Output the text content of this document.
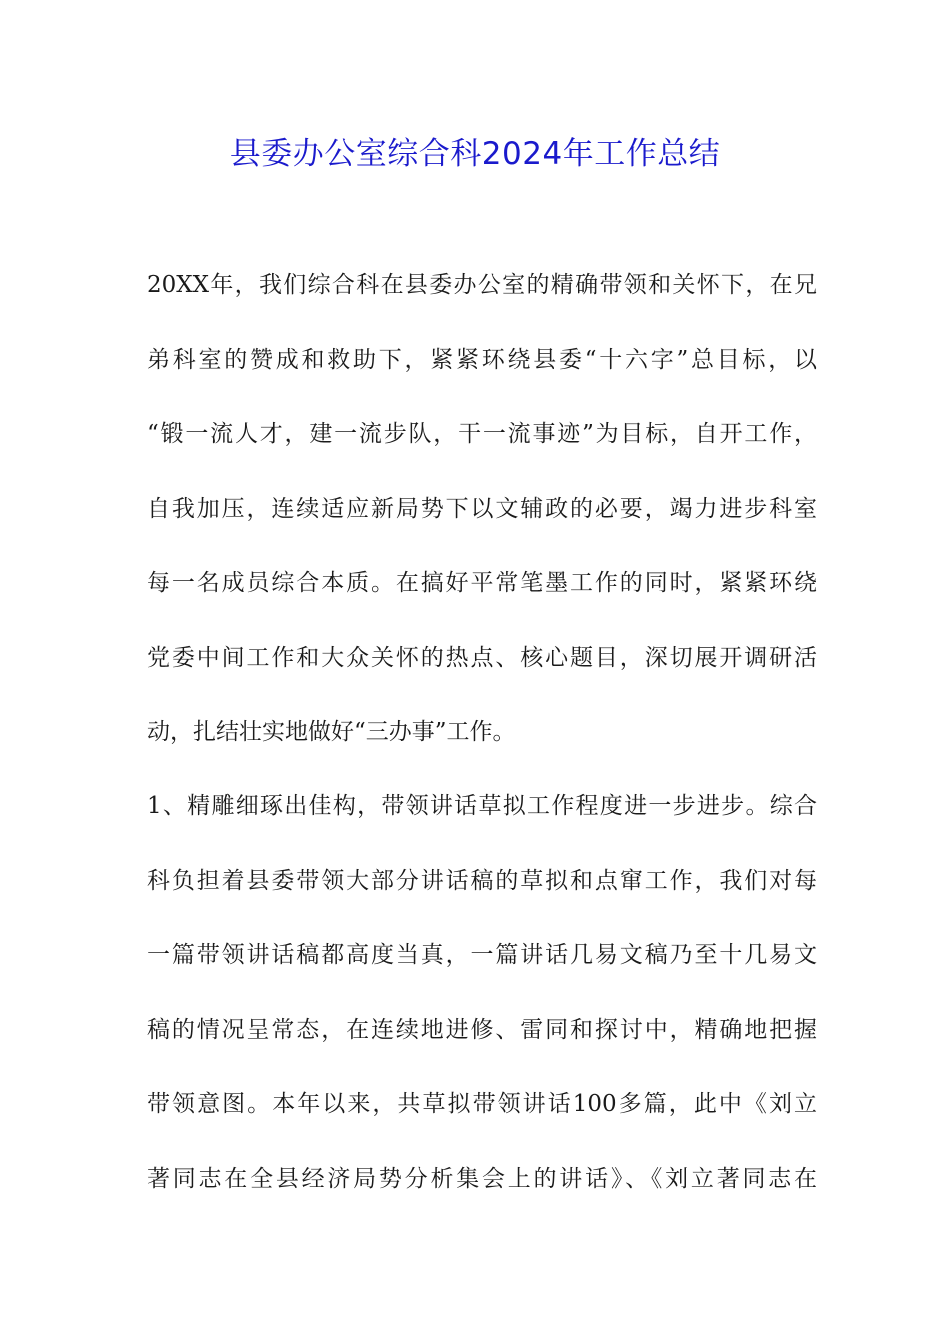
县委办公室综合科2024年工作总结
20XX年，我们综合科在县委办公室的精确带领和关怀下，在兄
弟科室的赞成和救助下，紧紧环绕县委“十六字”总目标，以
“锻一流人才，建一流步队，干一流事迹”为目标，自开工作，
自我加压，连续适应新局势下以文辅政的必要，竭力进步科室
每一名成员综合本质。在搞好平常笔墨工作的同时，紧紧环绕
党委中间工作和大众关怀的热点、核心题目，深切展开调研活
动，扎结壮实地做好“三办事”工作。
1、精雕细琢出佳构，带领讲话草拟工作程度进一步进步。综合
科负担着县委带领大部分讲话稿的草拟和点窜工作，我们对每
一篇带领讲话稿都高度当真，一篇讲话几易文稿乃至十几易文
稿的情况呈常态，在连续地进修、雷同和探讨中，精确地把握
带领意图。本年以来，共草拟带领讲话100多篇，此中《刘立
著同志在全县经济局势分析集会上的讲话》、《刘立著同志在
